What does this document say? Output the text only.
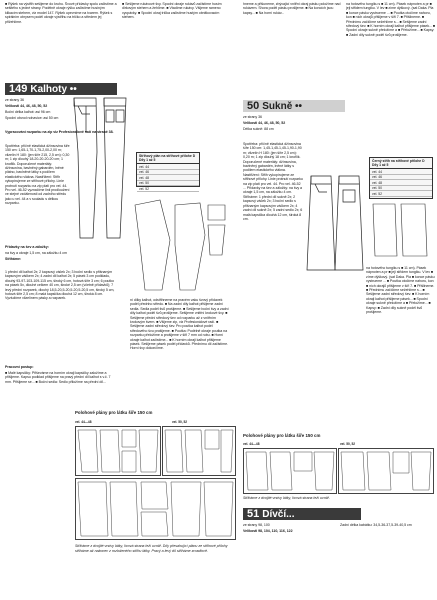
■ Rýšek na výstřih sešijeme do kruhu. Švové přídavky spolu začistíme a sešitého s jedné strany. Podélně okraje rýšku začistíme husíným klikacím stehem, viz model 147. Rýšek upevníme na tvarem. Rýšek s spirálním obrysem podél okraje výstřihu na tričko a středem jej přižehlíme.

149 Kalhoty ••

ze strany 36

Velikosti 44, 46, 48, 50, 52

Boční délka kalhot: asi 96 cm

Spodní obvod nohavice: asi 50 cm

Vypracování rozparku na zip viz Profesionálově radí na straně 38.

Spotřeba: příčně elastická džínsovina šíře 150 cm: 1,65-1,70-1,75-2,00-2,00 m; vlizelín H 180: (jen šíře 215, 2,5 cm): 0,30 m; 1 zip dlouhý 18-20-20-20-20 cm; 1 knoflík. Doporučené materiály: džínsovina, bavlněný gabardén, lněné plátno, bavlněné látky s podílem elastického vlákna. Nastřižení: Střih vykopírujeme ze střihové přílohy. Linie protnutí rozparku na zip platí pro vel. 44. Pro vel. 46-52 vyznačíme linii prodloužení ve stejné vzdálenosti od zadního středu jako u vel. 44 a v souladu s délkou rozparku.

Přídavky na šev a záložky:

na švy a okraje 1,5 cm, na záložku 4 cm

Střiháme:

1 přední díl kalhot 2x; 2 kapsový váček 2x; 3 boční sedlo s přišnaným kapsovým váčkem 2x; 4 zadní díl kalhot 2x; 5 pásek 3 cm podkladu, dlouhý 93-97-103-109-115 cm, široký 6 cm, hotová šíře 3 cm; 6 poutko na pásek 5x, dlouhé celkem 40 cm, široké 2,5 cm (včetně přídavků); 7 levý přední rozparek, dlouhý 18,5-20,5-20,5-20,5-20,5 cm, široký 5 cm, hotová šíře 2,5 cm; 8 malá kapsička dlouhá 12 cm, široká 8 cm. Vyztužíme vlizelínem pásky a rozparek.

Pracovní postup:

■ Malé kapsičky: Přiševáme na horním okraji kapsičky založíme a přišijeme. Kapsu podklad přišijeme na pravý přední díl kalhot s v.č. 7 mm. Přišijeme se... ■ Boční sedla: Sedlo přiložíme na přední díl...

■ Sešijeme rukávové švy. Spodní okraje rukávů začistíme husím dirkovým stehem a žehlíme. ■ Vtadíme rukávy. Všijeme rameno vycpávky. ■ Spodní okraj trička začistíme hustým obnitkovacím stehem.

Střihový plán na střihové přílohe D
Díly 1 až 5
vel. 44
vel. 46
vel. 48
vel. 50
vel. 52

ní dílky kalhot, odstřihneme na pravém vaku švový přídavek podél přednho středu. ■ Na zadní díly kalhot přišijeme zadní sedla. Sedla podél švů prošijeme. ■ Sešijeme boční švy a zadní díly kalhot podél švů prošijeme. Sešijeme vnitřní krokové švy. ■ Sešijeme přední středový šev od rozparku až z vnitřním krokovým švem. ■ Všijeme zip, viz Profesionálové radí. ■ Sešijeme zadní středový šev. Pro poutka kalhot podél středového švu prošijeme. ■ Poutka: Podélně okraje poutka na rozparku přeložíme a prošijeme v šíři 7 mm od rubu. ■ Horní okraje kalhot začistíme... ■ K horním okraji kalhot přišijeme pásek. Sešijeme pásek podél přídavků. Přednímu díl začistíme. Horní švy dokončíme.

Polohové plány pro látku šíře 150 cm
vel. 44—48	vel. 50, 52
Střiháme z dvojité vrstvy látky, lícová strana leží uvnitř. Díly přesahující plánu ze střihové přílohy střiháme až nakonec z rozloženého střihu látky. Pravý a levý díl střiháme zrcadlově.

hneme a přišuneme, zbývající vnitřní okraj pásku položíme nad rukávem. Shora podél pásku prošijeme. ■ Na koncích jsou kapsy... ■ Na horní rukáv...

50 Sukně ••

ze strany 36

Velikosti 44, 46, 48, 50, 52

Délka sukně: 88 cm

Spotřeba: příčně elastická džínsovina šíře 150 cm: 1,45-1,45-1,45-1,90-1,90 m; vlizelín H 180: (jen šíře 2,5 cm): 0,20 m; 1 zip dlouhý 18 cm; 1 knoflík. Doporučené materiály: džínsovina, bavlněný gabardén, lněné látky s podílem elastického vlákna. Nastřižení: Střih vykopírujeme ze střihové přílohy. Linie protnutí rozparku na zip platí pro vel. 44. Pro vel. 46-52 ... Přídavky na šev a záložky: na švy a okraje 1,5 cm, na záložku 4 cm. Střiháme: 1 přední díl sukně 2x; 2 kapsový váček 2x; 3 boční sedlo s přišnaným kapsovým váčkem 2x; 4 zadní díl sukně 2x; 5 zadní sedlo 2x; 6 malá kapsička dlouhá 12 cm, široká 8 cm.

Černý střih na střihové přílohe D
Díly 1 až 5
vel. 44
vel. 46
vel. 48
vel. 50
vel. 52

na hotového tungiku s ■ 11 cm). Pásek nápnoten a pr ■ jeji střidem tungiku. V lev ■ zíme dýškový. (sat Daka. Pla ■ konce pásku vystrueme ... ■ Poutka otočíme nahoru, kon ■ ních okrajů přišijeme v šíři 7. ■ Přišlineme. ■ Přednímu začíčíme sežehlíme s... ■ Sešijeme zadní středový šev. ■ K horním okraji kalhot přišijeme pásek... ■ Spodní okraje sukně přeložíme a ■ Přeložíme... ■ Kapsy: ■ Zadní díly sukně podél švů prošijeme.

na hotového tungiku s ■ 11 cm). Pásek nápnoten a pr ■ jeji střidem tungiku. V lev ■ zíme dýškový. (sat Daka. Pla ■ konce pásku vystrueme ... ■ Poutka otočíme nahoru, kon ■ ních okrajů přišijeme v šíři 7. ■ Přišlineme. ■ Přednímu začíčíme sežehlíme s... ■ Sešijeme zadní středový šev. ■ K horním okraji kalhot přišijeme pásek... ■ Spodní okraje sukně přeložíme a ■ Přeložíme... ■ Kapsy: ■ Zadní díly sukně podél švů prošijeme.

Polohové plány pro látku šíře 150 cm
vel. 44—48	vel. 50, 52
Střiháme z dvojité vrstvy látky, lícová strana leží uvnitř.
51 Dívčí...

ze strany 98, 100

Velikosti 98, 104, 110, 116, 122

Zadní délka kabátku: 34,5-36-37,5-39-40,5 cm
